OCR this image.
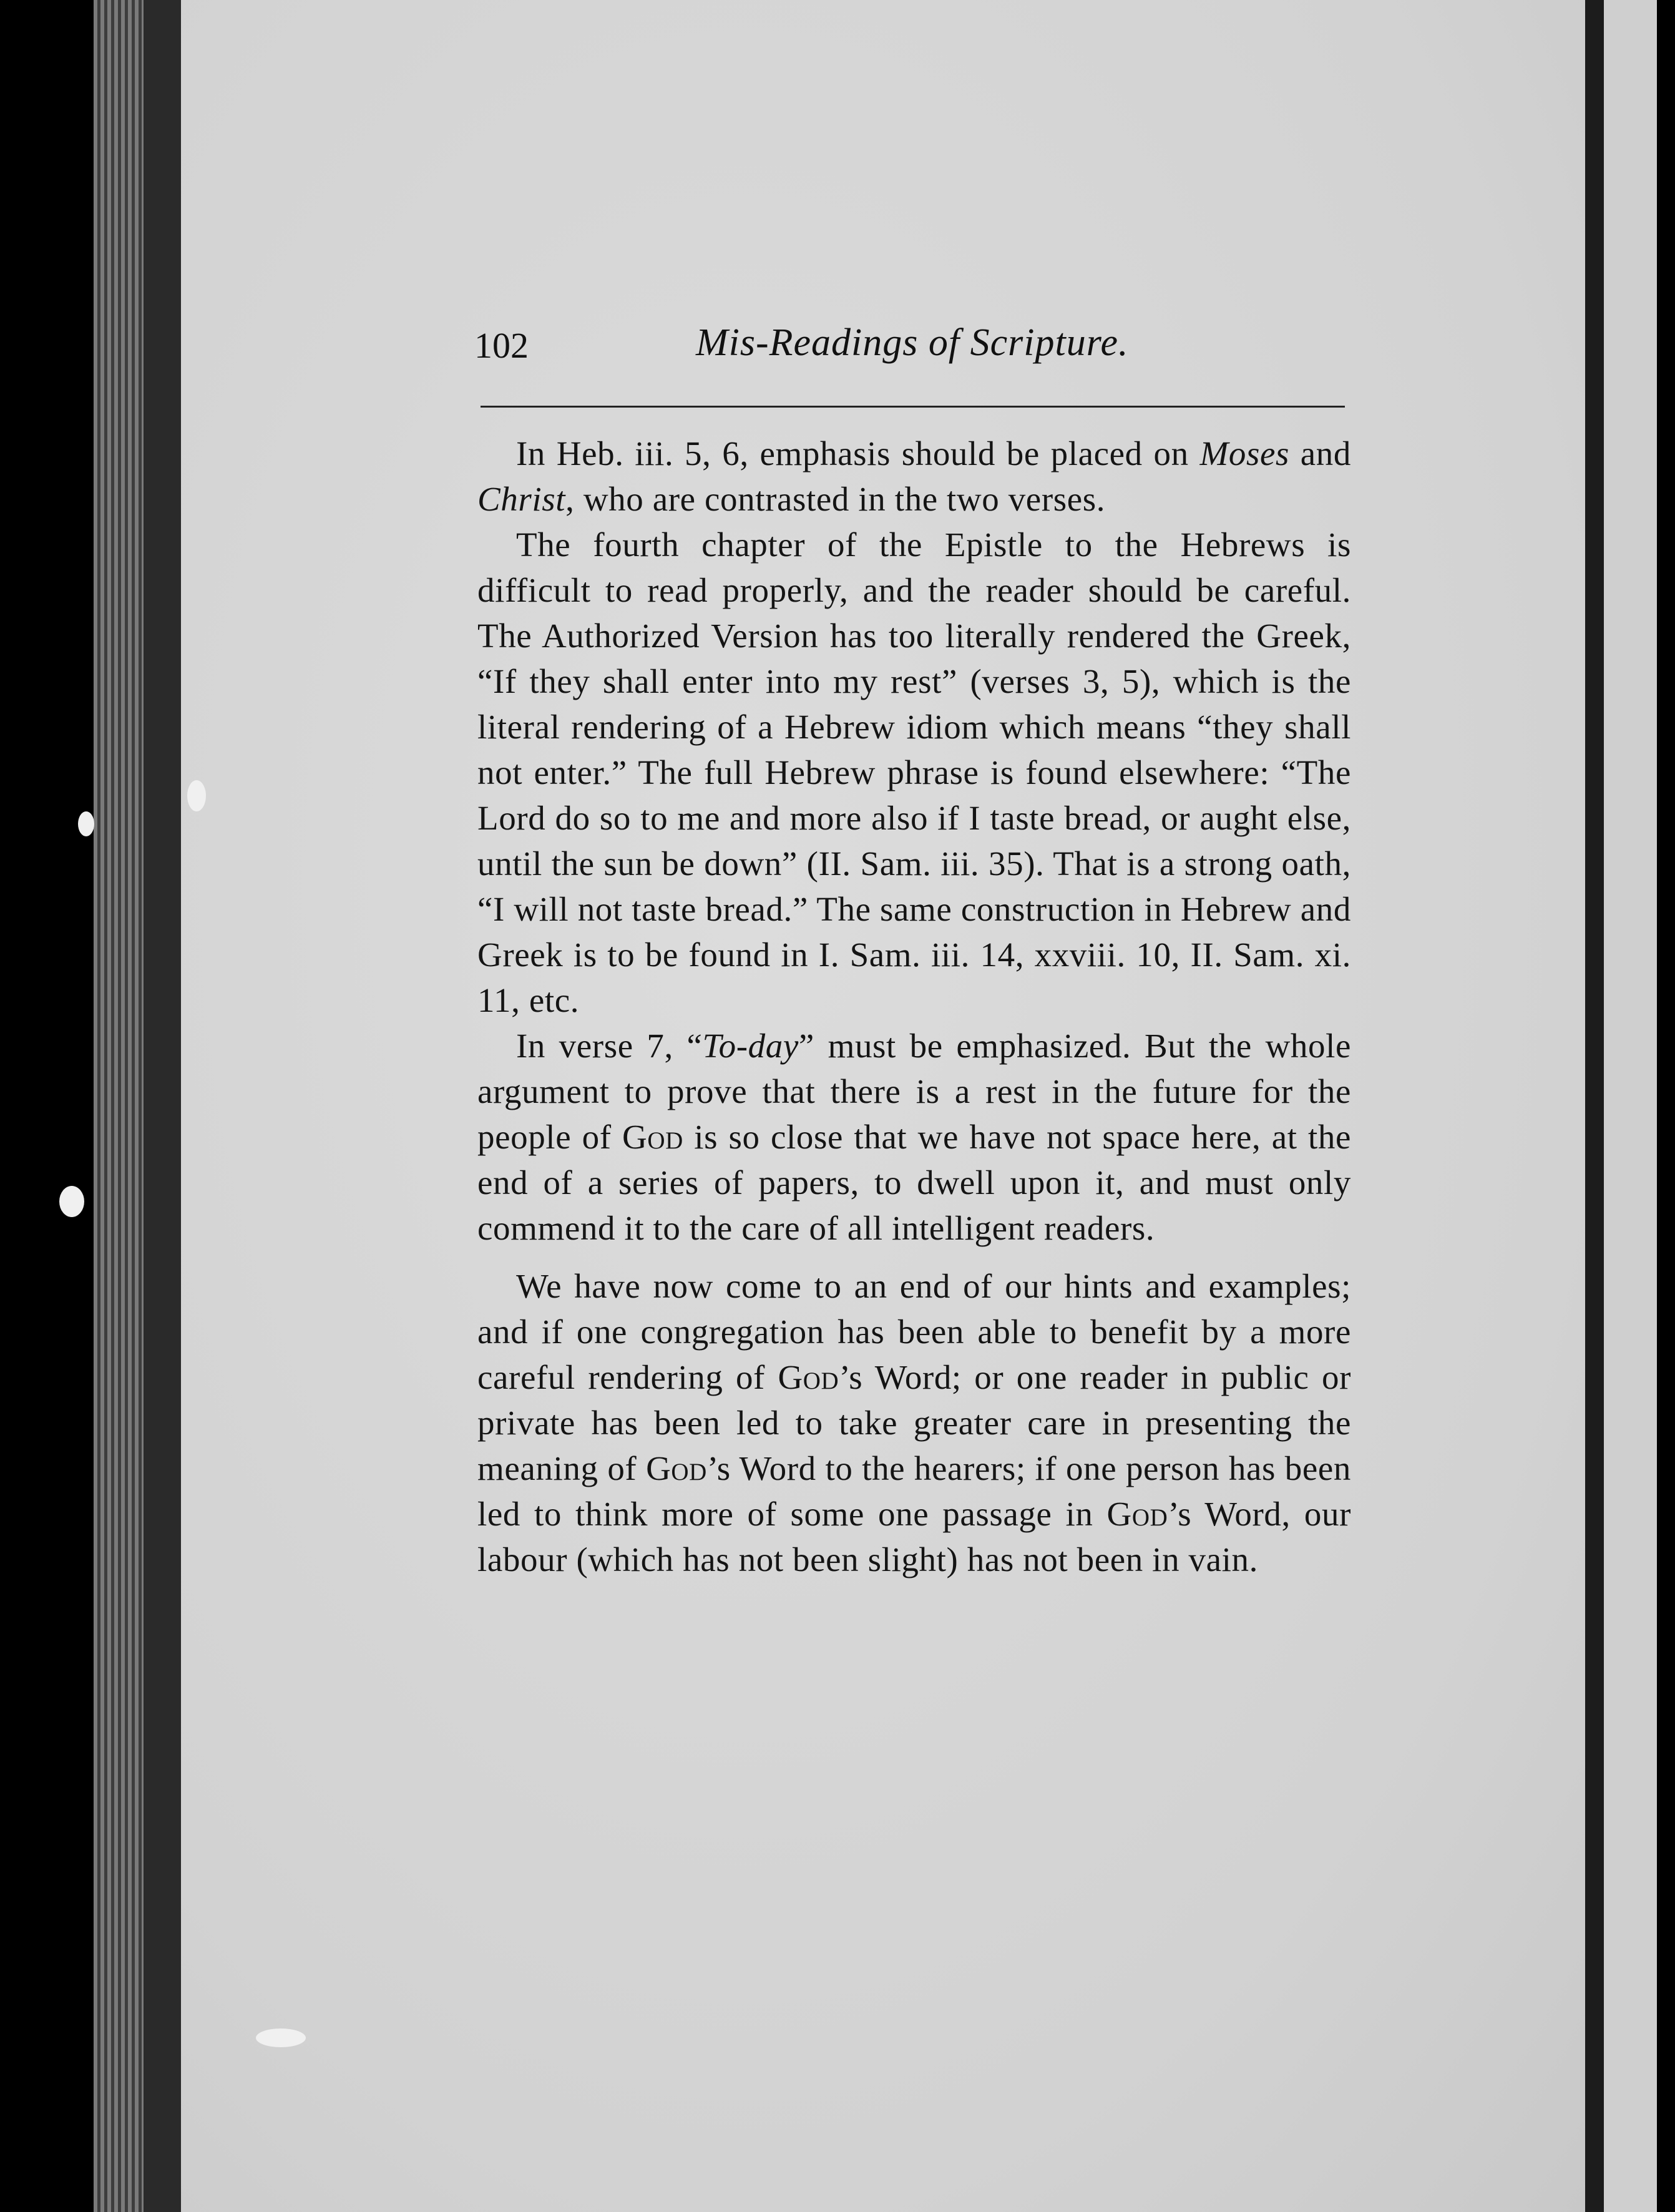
102	Mis-Readings of Scripture.

In Heb. iii. 5, 6, emphasis should be placed on Moses and Christ, who are contrasted in the two verses.

The fourth chapter of the Epistle to the Hebrews is difficult to read properly, and the reader should be careful. The Authorized Version has too literally rendered the Greek, “If they shall enter into my rest” (verses 3, 5), which is the literal rendering of a Hebrew idiom which means “they shall not enter.” The full Hebrew phrase is found elsewhere: “The Lord do so to me and more also if I taste bread, or aught else, until the sun be down” (II. Sam. iii. 35). That is a strong oath, “I will not taste bread.” The same construction in Hebrew and Greek is to be found in I. Sam. iii. 14, xxviii. 10, II. Sam. xi. 11, etc.

In verse 7, “To-day” must be emphasized. But the whole argument to prove that there is a rest in the future for the people of God is so close that we have not space here, at the end of a series of papers, to dwell upon it, and must only commend it to the care of all intelligent readers.

We have now come to an end of our hints and examples; and if one congregation has been able to benefit by a more careful rendering of God’s Word; or one reader in public or private has been led to take greater care in presenting the meaning of God’s Word to the hearers; if one person has been led to think more of some one passage in God’s Word, our labour (which has not been slight) has not been in vain.
